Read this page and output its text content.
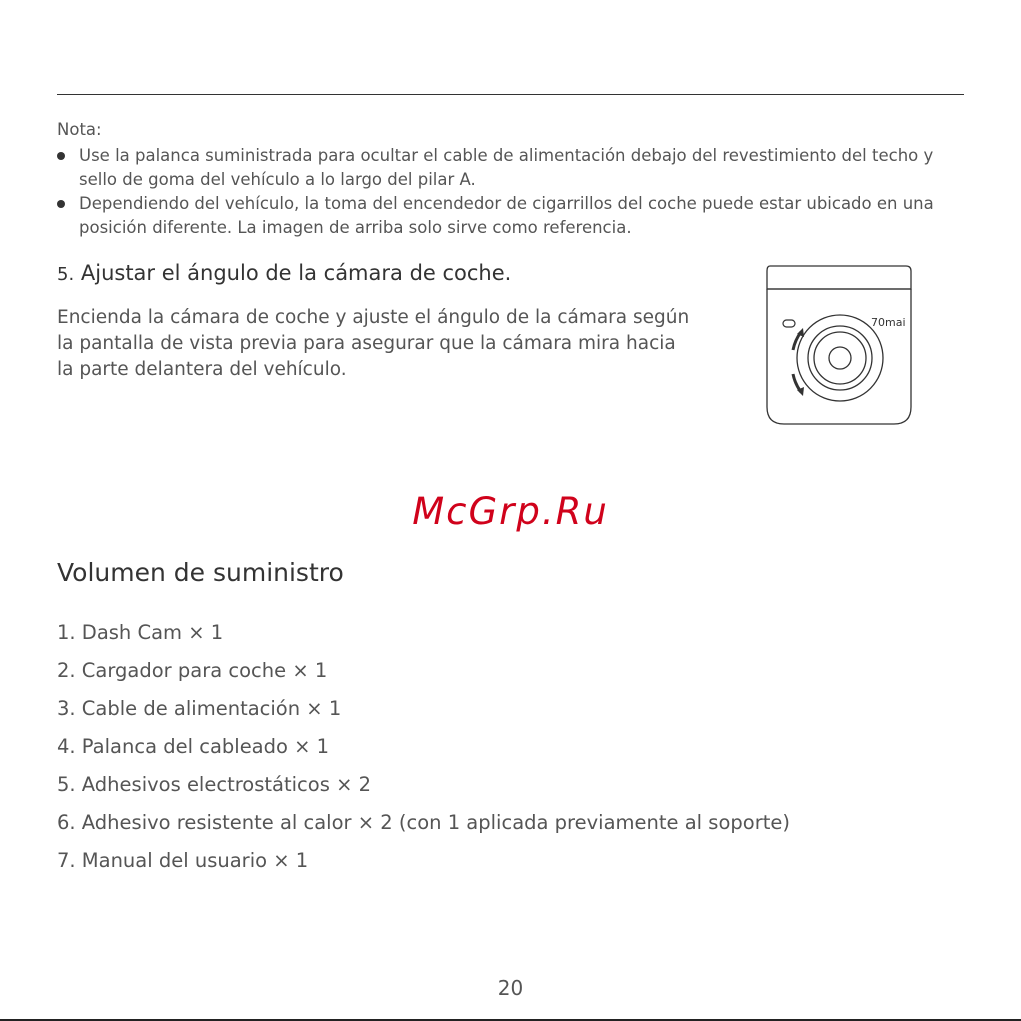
Nota:

Use la palanca suministrada para ocultar el cable de alimentación debajo del revestimiento del techo y sello de goma del vehículo a lo largo del pilar A.
Dependiendo del vehículo, la toma del encendedor de cigarrillos del coche puede estar ubicado en una posición diferente. La imagen de arriba solo sirve como referencia.
5. Ajustar el ángulo de la cámara de coche.

Encienda la cámara de coche y ajuste el ángulo de la cámara según la pantalla de vista previa para asegurar que la cámara mira hacia la parte delantera del vehículo.

70mai
McGrp.Ru
Volumen de suministro
1. Dash Cam × 1
2. Cargador para coche × 1
3. Cable de alimentación × 1
4. Palanca del cableado × 1
5. Adhesivos electrostáticos × 2
6. Adhesivo resistente al calor × 2 (con 1 aplicada previamente al soporte)
7. Manual del usuario × 1
20
